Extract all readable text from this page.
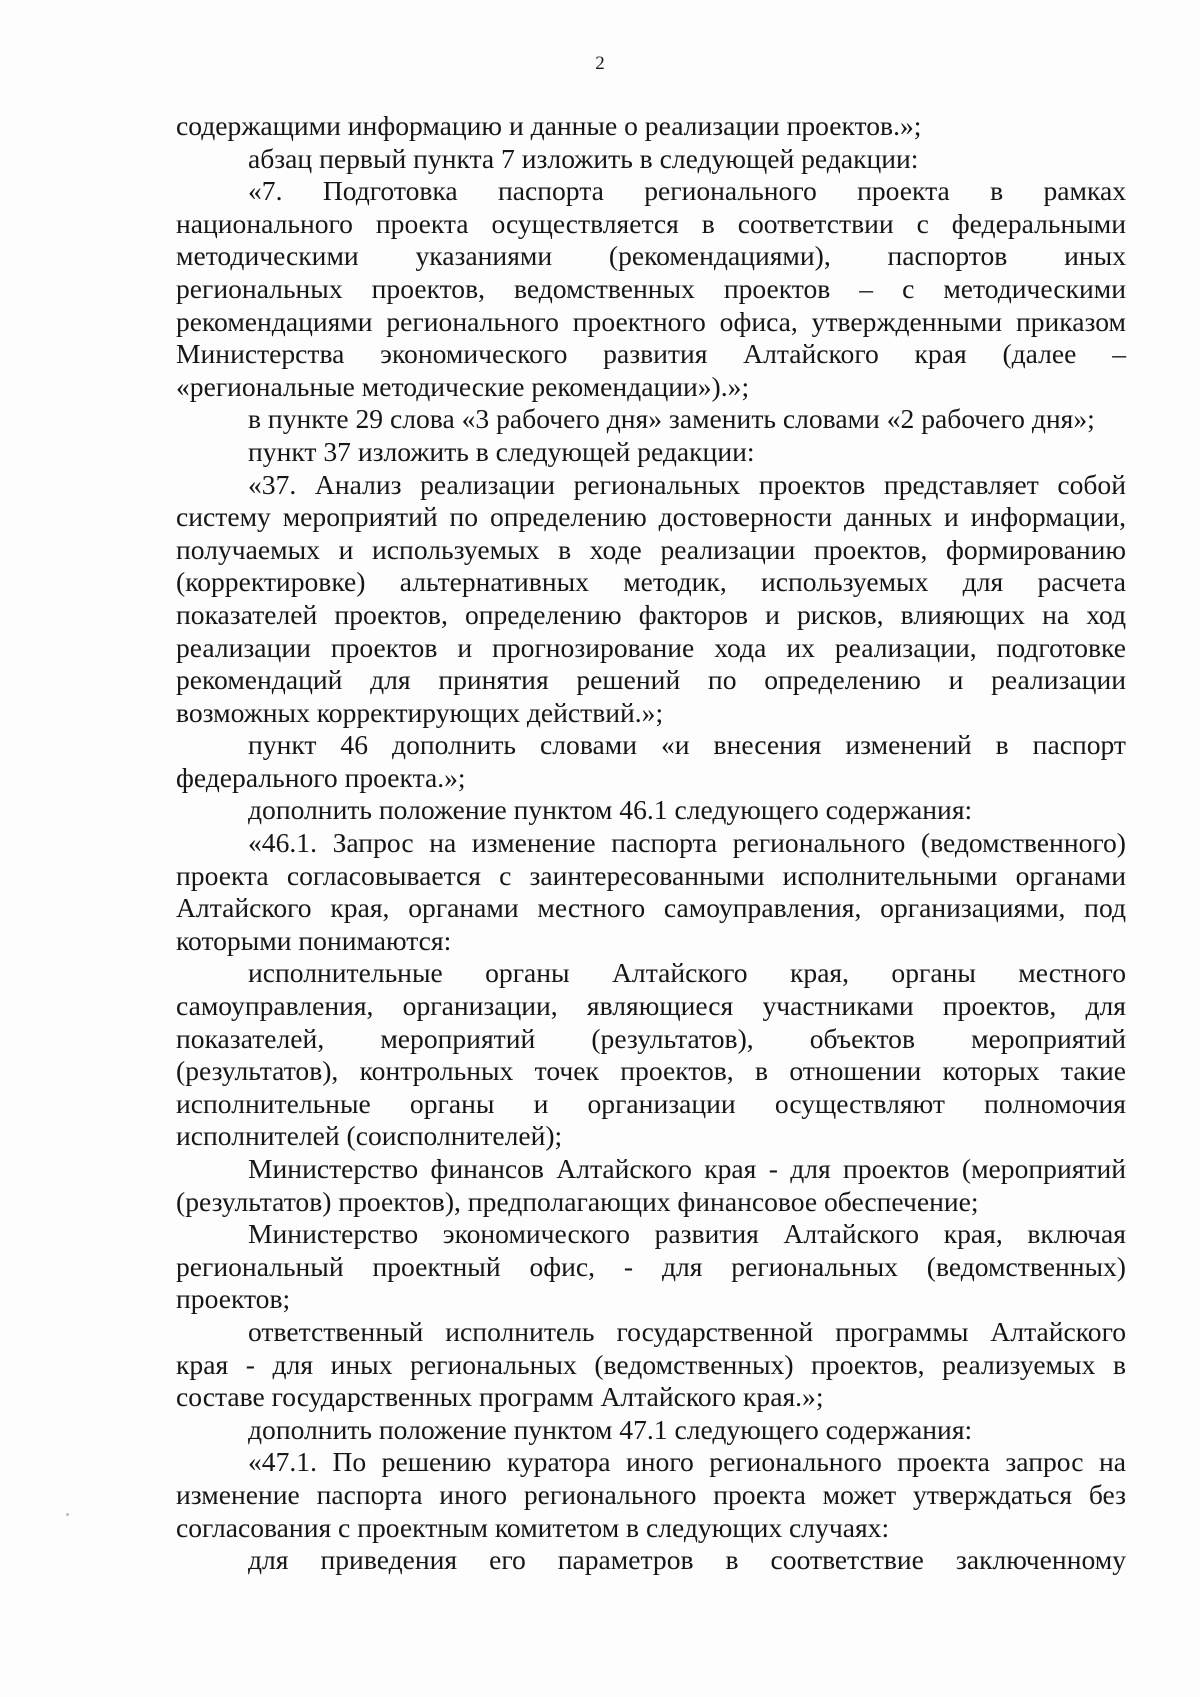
2
содержащими информацию и данные о реализации проектов.»;
абзац первый пункта 7 изложить в следующей редакции:
«7. Подготовка паспорта регионального проекта в рамках
национального проекта осуществляется в соответствии с федеральными
методическими указаниями (рекомендациями), паспортов иных
региональных проектов, ведомственных проектов – с методическими
рекомендациями регионального проектного офиса, утвержденными приказом
Министерства экономического развития Алтайского края (далее –
«региональные методические рекомендации»).»;
в пункте 29 слова «3 рабочего дня» заменить словами «2 рабочего дня»;
пункт 37 изложить в следующей редакции:
«37. Анализ реализации региональных проектов представляет собой
систему мероприятий по определению достоверности данных и информации,
получаемых и используемых в ходе реализации проектов, формированию
(корректировке) альтернативных методик, используемых для расчета
показателей проектов, определению факторов и рисков, влияющих на ход
реализации проектов и прогнозирование хода их реализации, подготовке
рекомендаций для принятия решений по определению и реализации
возможных корректирующих действий.»;
пункт 46 дополнить словами «и внесения изменений в паспорт
федерального проекта.»;
дополнить положение пунктом 46.1 следующего содержания:
«46.1. Запрос на изменение паспорта регионального (ведомственного)
проекта согласовывается с заинтересованными исполнительными органами
Алтайского края, органами местного самоуправления, организациями, под
которыми понимаются:
исполнительные органы Алтайского края, органы местного
самоуправления, организации, являющиеся участниками проектов, для
показателей, мероприятий (результатов), объектов мероприятий
(результатов), контрольных точек проектов, в отношении которых такие
исполнительные органы и организации осуществляют полномочия
исполнителей (соисполнителей);
Министерство финансов Алтайского края - для проектов (мероприятий
(результатов) проектов), предполагающих финансовое обеспечение;
Министерство экономического развития Алтайского края, включая
региональный проектный офис, - для региональных (ведомственных)
проектов;
ответственный исполнитель государственной программы Алтайского
края - для иных региональных (ведомственных) проектов, реализуемых в
составе государственных программ Алтайского края.»;
дополнить положение пунктом 47.1 следующего содержания:
«47.1. По решению куратора иного регионального проекта запрос на
изменение паспорта иного регионального проекта может утверждаться без
согласования с проектным комитетом в следующих случаях:
для приведения его параметров в соответствие заключенному
